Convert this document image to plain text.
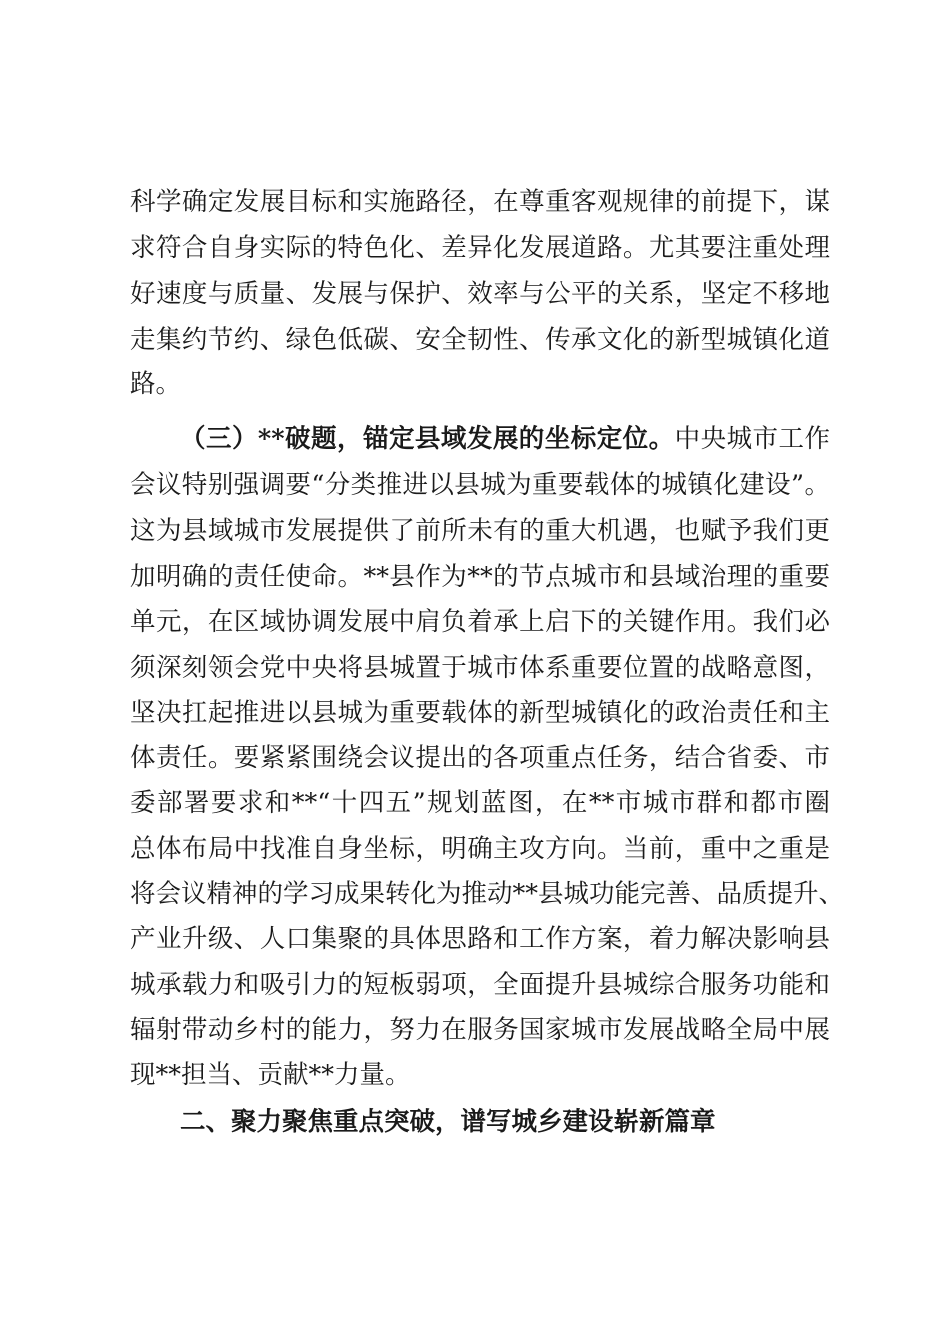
科学确定发展目标和实施路径，在尊重客观规律的前提下，谋
求符合自身实际的特色化、差异化发展道路。尤其要注重处理
好速度与质量、发展与保护、效率与公平的关系，坚定不移地
走集约节约、绿色低碳、安全韧性、传承文化的新型城镇化道
路。
（三）**破题，锚定县域发展的坐标定位。中央城市工作
会议特别强调要“分类推进以县城为重要载体的城镇化建设”。
这为县域城市发展提供了前所未有的重大机遇，也赋予我们更
加明确的责任使命。**县作为**的节点城市和县域治理的重要
单元，在区域协调发展中肩负着承上启下的关键作用。我们必
须深刻领会党中央将县城置于城市体系重要位置的战略意图，
坚决扛起推进以县城为重要载体的新型城镇化的政治责任和主
体责任。要紧紧围绕会议提出的各项重点任务，结合省委、市
委部署要求和**“十四五”规划蓝图，在**市城市群和都市圈
总体布局中找准自身坐标，明确主攻方向。当前，重中之重是
将会议精神的学习成果转化为推动**县城功能完善、品质提升、
产业升级、人口集聚的具体思路和工作方案，着力解决影响县
城承载力和吸引力的短板弱项，全面提升县城综合服务功能和
辐射带动乡村的能力，努力在服务国家城市发展战略全局中展
现**担当、贡献**力量。
二、聚力聚焦重点突破，谱写城乡建设崭新篇章
